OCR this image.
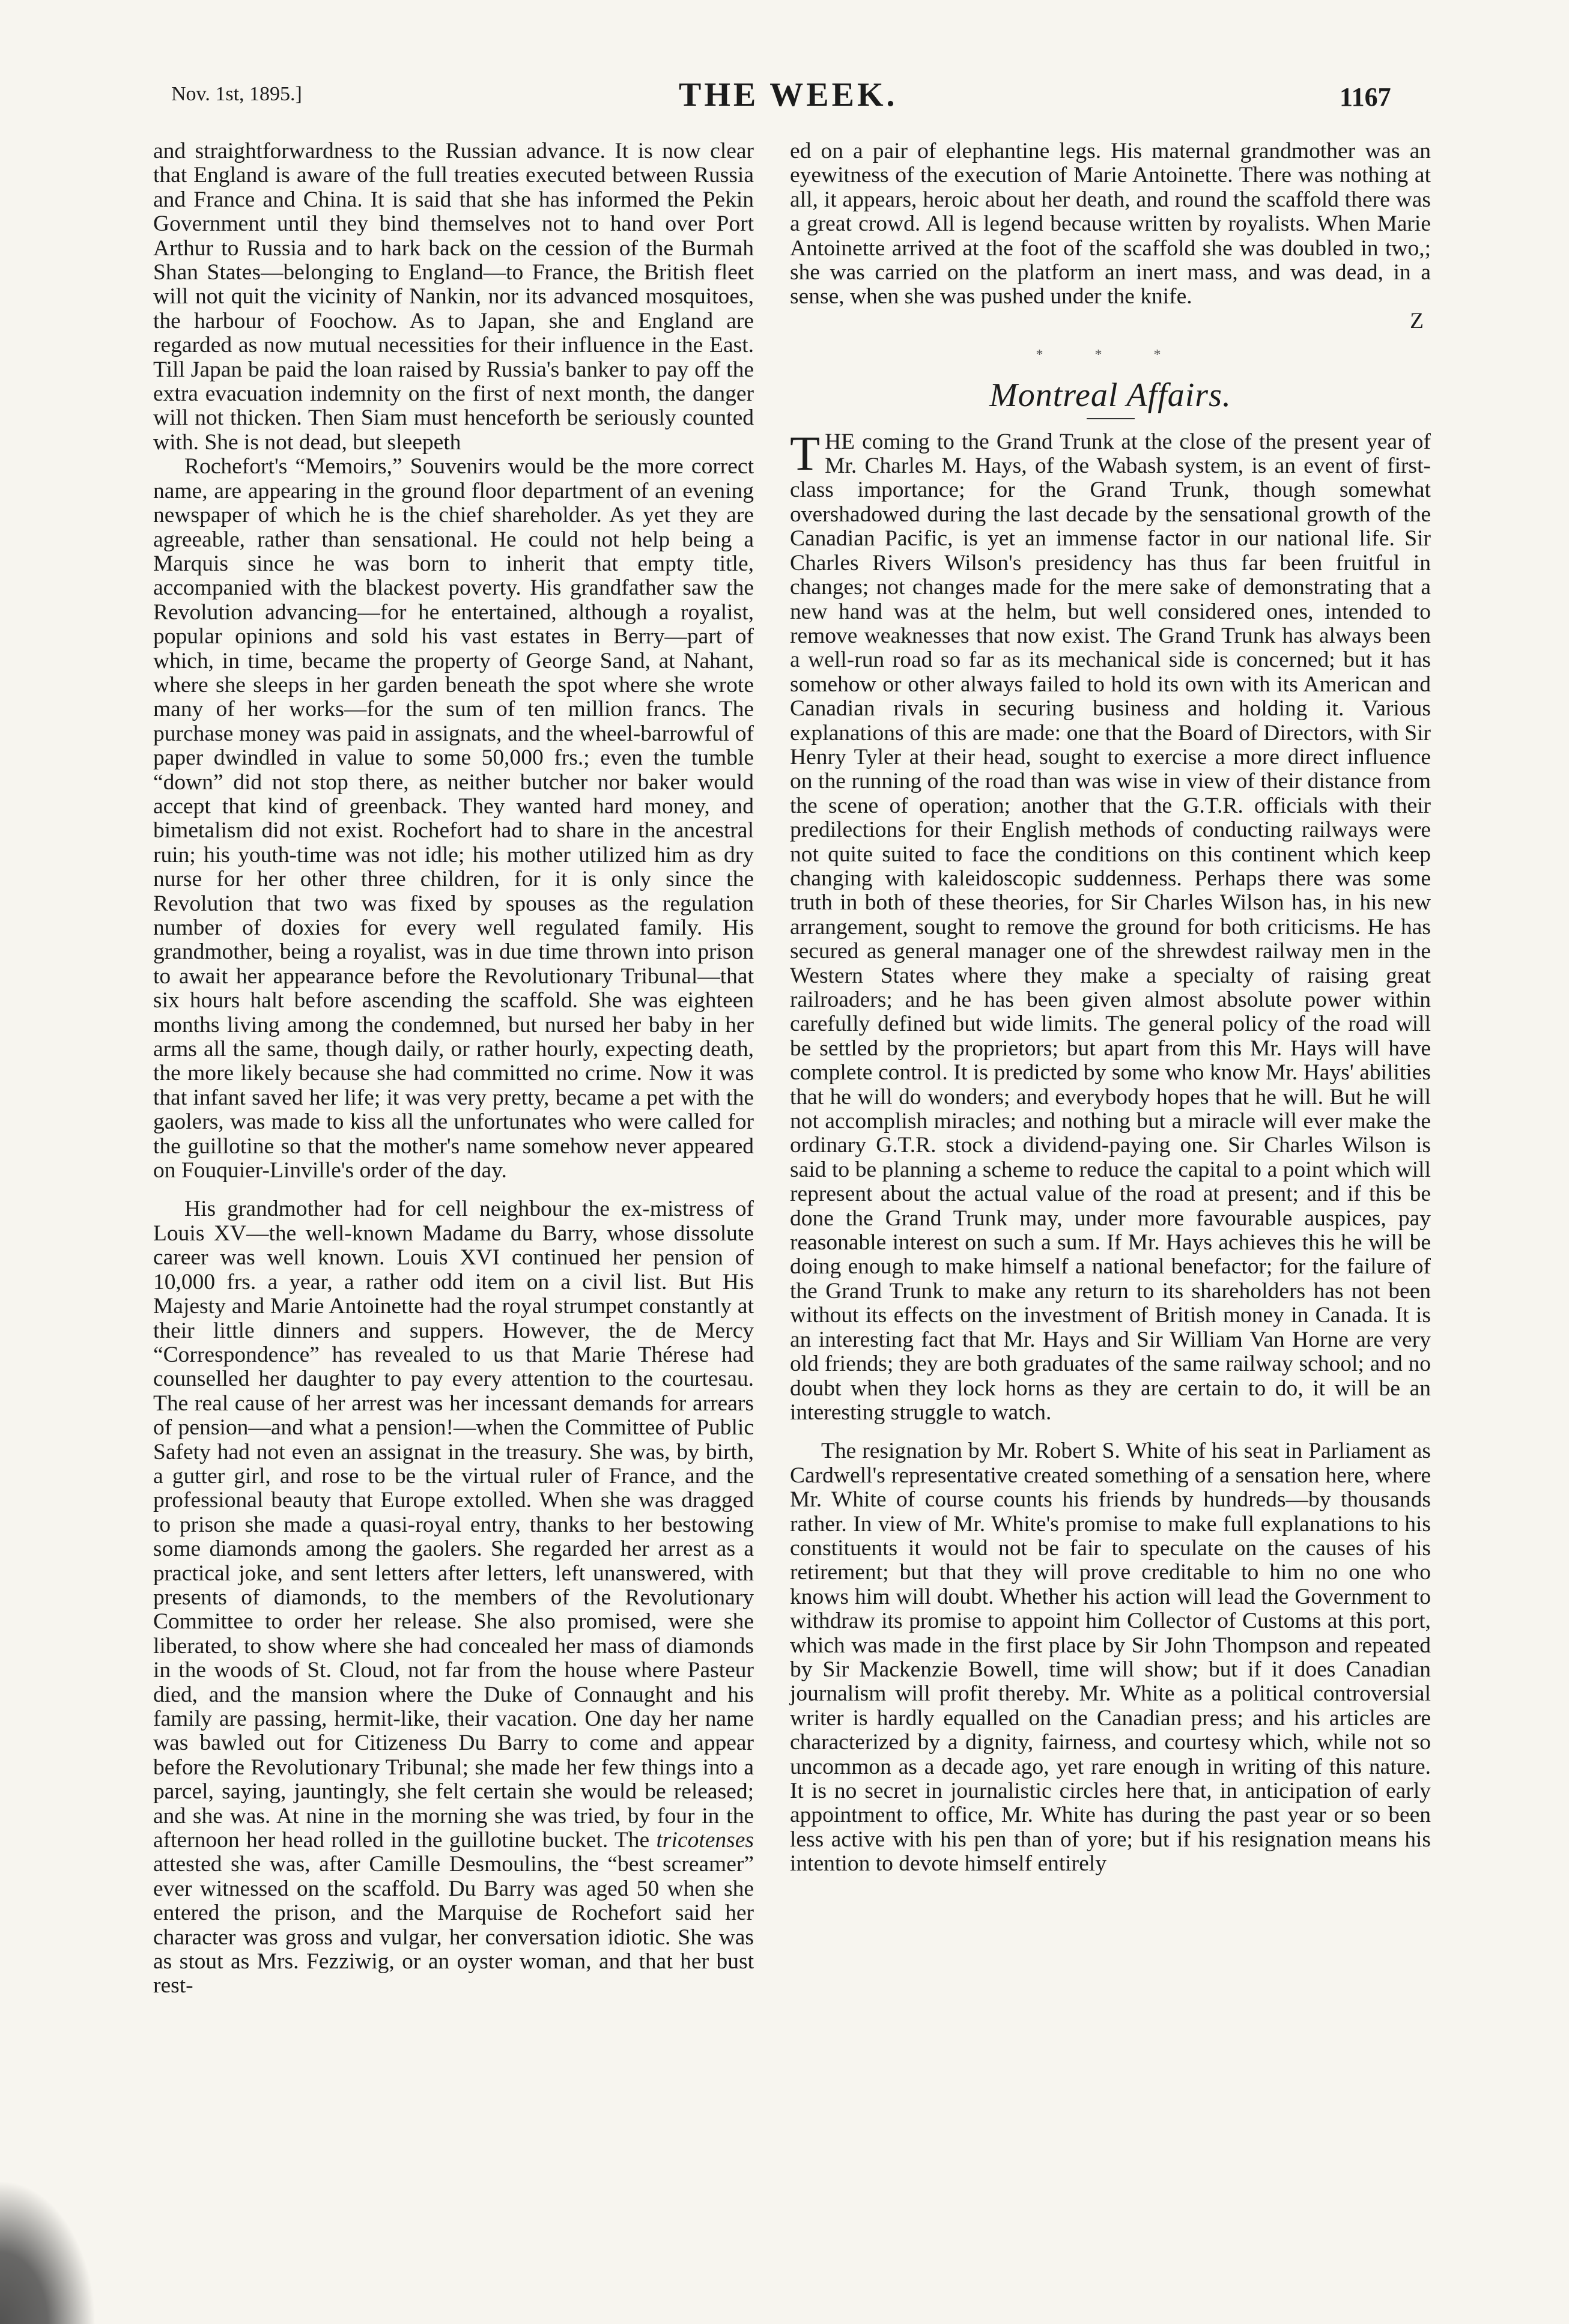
Nov. 1st, 1895.]	THE WEEK.	1167

and straightforwardness to the Russian advance. It is now clear that England is aware of the full treaties executed between Russia and France and China. It is said that she has informed the Pekin Government until they bind themselves not to hand over Port Arthur to Russia and to hark back on the cession of the Burmah Shan States—belonging to England—to France, the British fleet will not quit the vicinity of Nankin, nor its advanced mosquitoes, the harbour of Foochow. As to Japan, she and England are regarded as now mutual necessities for their influence in the East. Till Japan be paid the loan raised by Russia's banker to pay off the extra evacuation indemnity on the first of next month, the danger will not thicken. Then Siam must henceforth be seriously counted with. She is not dead, but sleepeth

Rochefort's “Memoirs,” Souvenirs would be the more correct name, are appearing in the ground floor department of an evening newspaper of which he is the chief shareholder. As yet they are agreeable, rather than sensational. He could not help being a Marquis since he was born to inherit that empty title, accompanied with the blackest poverty. His grandfather saw the Revolution advancing—for he entertained, although a royalist, popular opinions and sold his vast estates in Berry—part of which, in time, became the property of George Sand, at Nahant, where she sleeps in her garden beneath the spot where she wrote many of her works—for the sum of ten million francs. The purchase money was paid in assignats, and the wheel-barrowful of paper dwindled in value to some 50,000 frs.; even the tumble “down” did not stop there, as neither butcher nor baker would accept that kind of greenback. They wanted hard money, and bimetalism did not exist. Rochefort had to share in the ancestral ruin; his youth-time was not idle; his mother utilized him as dry nurse for her other three children, for it is only since the Revolution that two was fixed by spouses as the regulation number of doxies for every well regulated family. His grandmother, being a royalist, was in due time thrown into prison to await her appearance before the Revolutionary Tribunal—that six hours halt before ascending the scaffold. She was eighteen months living among the condemned, but nursed her baby in her arms all the same, though daily, or rather hourly, expecting death, the more likely because she had committed no crime. Now it was that infant saved her life; it was very pretty, became a pet with the gaolers, was made to kiss all the unfortunates who were called for the guillotine so that the mother's name somehow never appeared on Fouquier-Linville's order of the day.

His grandmother had for cell neighbour the ex-mistress of Louis XV—the well-known Madame du Barry, whose dissolute career was well known. Louis XVI continued her pension of 10,000 frs. a year, a rather odd item on a civil list. But His Majesty and Marie Antoinette had the royal strumpet constantly at their little dinners and suppers. However, the de Mercy “Correspondence” has revealed to us that Marie Thérese had counselled her daughter to pay every attention to the courtesau. The real cause of her arrest was her incessant demands for arrears of pension—and what a pension!—when the Committee of Public Safety had not even an assignat in the treasury. She was, by birth, a gutter girl, and rose to be the virtual ruler of France, and the professional beauty that Europe extolled. When she was dragged to prison she made a quasi-royal entry, thanks to her bestowing some diamonds among the gaolers. She regarded her arrest as a practical joke, and sent letters after letters, left unanswered, with presents of diamonds, to the members of the Revolutionary Committee to order her release. She also promised, were she liberated, to show where she had concealed her mass of diamonds in the woods of St. Cloud, not far from the house where Pasteur died, and the mansion where the Duke of Connaught and his family are passing, hermit-like, their vacation. One day her name was bawled out for Citizeness Du Barry to come and appear before the Revolutionary Tribunal; she made her few things into a parcel, saying, jauntingly, she felt certain she would be released; and she was. At nine in the morning she was tried, by four in the afternoon her head rolled in the guillotine bucket. The tricotenses attested she was, after Camille Desmoulins, the “best screamer” ever witnessed on the scaffold. Du Barry was aged 50 when she entered the prison, and the Marquise de Rochefort said her character was gross and vulgar, her conversation idiotic. She was as stout as Mrs. Fezziwig, or an oyster woman, and that her bust rest-

ed on a pair of elephantine legs. His maternal grandmother was an eyewitness of the execution of Marie Antoinette. There was nothing at all, it appears, heroic about her death, and round the scaffold there was a great crowd. All is legend because written by royalists. When Marie Antoinette arrived at the foot of the scaffold she was doubled in two,; she was carried on the platform an inert mass, and was dead, in a sense, when she was pushed under the knife.

Z

* * *
Montreal Affairs.

THE coming to the Grand Trunk at the close of the present year of Mr. Charles M. Hays, of the Wabash system, is an event of first-class importance; for the Grand Trunk, though somewhat overshadowed during the last decade by the sensational growth of the Canadian Pacific, is yet an immense factor in our national life. Sir Charles Rivers Wilson's presidency has thus far been fruitful in changes; not changes made for the mere sake of demonstrating that a new hand was at the helm, but well considered ones, intended to remove weaknesses that now exist. The Grand Trunk has always been a well-run road so far as its mechanical side is concerned; but it has somehow or other always failed to hold its own with its American and Canadian rivals in securing business and holding it. Various explanations of this are made: one that the Board of Directors, with Sir Henry Tyler at their head, sought to exercise a more direct influence on the running of the road than was wise in view of their distance from the scene of operation; another that the G.T.R. officials with their predilections for their English methods of conducting railways were not quite suited to face the conditions on this continent which keep changing with kaleidoscopic suddenness. Perhaps there was some truth in both of these theories, for Sir Charles Wilson has, in his new arrangement, sought to remove the ground for both criticisms. He has secured as general manager one of the shrewdest railway men in the Western States where they make a specialty of raising great railroaders; and he has been given almost absolute power within carefully defined but wide limits. The general policy of the road will be settled by the proprietors; but apart from this Mr. Hays will have complete control. It is predicted by some who know Mr. Hays' abilities that he will do wonders; and everybody hopes that he will. But he will not accomplish miracles; and nothing but a miracle will ever make the ordinary G.T.R. stock a dividend-paying one. Sir Charles Wilson is said to be planning a scheme to reduce the capital to a point which will represent about the actual value of the road at present; and if this be done the Grand Trunk may, under more favourable auspices, pay reasonable interest on such a sum. If Mr. Hays achieves this he will be doing enough to make himself a national benefactor; for the failure of the Grand Trunk to make any return to its shareholders has not been without its effects on the investment of British money in Canada. It is an interesting fact that Mr. Hays and Sir William Van Horne are very old friends; they are both graduates of the same railway school; and no doubt when they lock horns as they are certain to do, it will be an interesting struggle to watch.

The resignation by Mr. Robert S. White of his seat in Parliament as Cardwell's representative created something of a sensation here, where Mr. White of course counts his friends by hundreds—by thousands rather. In view of Mr. White's promise to make full explanations to his constituents it would not be fair to speculate on the causes of his retirement; but that they will prove creditable to him no one who knows him will doubt. Whether his action will lead the Government to withdraw its promise to appoint him Collector of Customs at this port, which was made in the first place by Sir John Thompson and repeated by Sir Mackenzie Bowell, time will show; but if it does Canadian journalism will profit thereby. Mr. White as a political controversial writer is hardly equalled on the Canadian press; and his articles are characterized by a dignity, fairness, and courtesy which, while not so uncommon as a decade ago, yet rare enough in writing of this nature. It is no secret in journalistic circles here that, in anticipation of early appointment to office, Mr. White has during the past year or so been less active with his pen than of yore; but if his resignation means his intention to devote himself entirely
